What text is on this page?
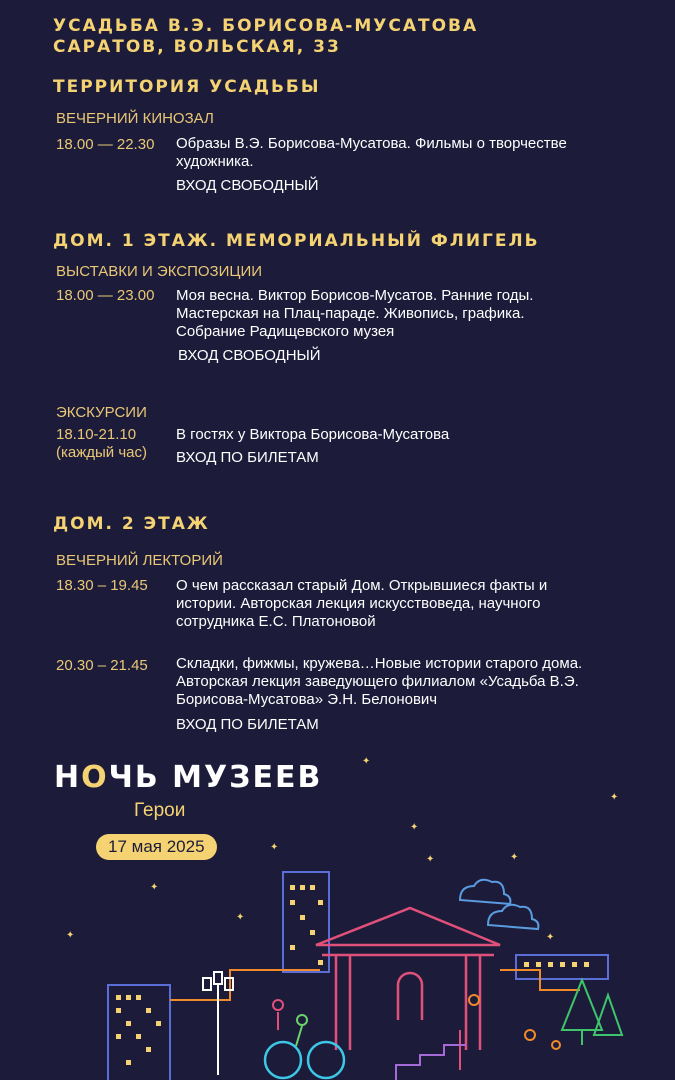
УСАДЬБА В.Э. БОРИСОВА-МУСАТОВА
САРАТОВ, ВОЛЬСКАЯ, 33
ТЕРРИТОРИЯ УСАДЬБЫ
ВЕЧЕРНИЙ КИНОЗАЛ
18.00 — 22.30 Образы В.Э. Борисова-Мусатова. Фильмы о творчестве
художника.
ВХОД СВОБОДНЫЙ
ДОМ. 1 ЭТАЖ. МЕМОРИАЛЬНЫЙ ФЛИГЕЛЬ
ВЫСТАВКИ И ЭКСПОЗИЦИИ
18.00 — 23.00 Моя весна. Виктор Борисов-Мусатов. Ранние годы.
Мастерская на Плац-параде. Живопись, графика.
Собрание Радищевского музея
ВХОД СВОБОДНЫЙ
ЭКСКУРСИИ
18.10-21.10
(каждый час)
В гостях у Виктора Борисова-Мусатова
ВХОД ПО БИЛЕТАМ
ДОМ. 2 ЭТАЖ
ВЕЧЕРНИЙ ЛЕКТОРИЙ
18.30 – 19.45 О чем рассказал старый Дом. Открывшиеся факты и
истории. Авторская лекция искусствоведа, научного
сотрудника Е.С. Платоновой
20.30 – 21.45 Складки, фижмы, кружева…Новые истории старого дома.
Авторская лекция заведующего филиалом «Усадьба В.Э.
Борисова-Мусатова» Э.Н. Белонович
ВХОД ПО БИЛЕТАМ
НОЧЬ МУЗЕЕВ
Герои
17 мая 2025
✦
✦
✦
✦	✦
✦
✦
✦	✦
✦
